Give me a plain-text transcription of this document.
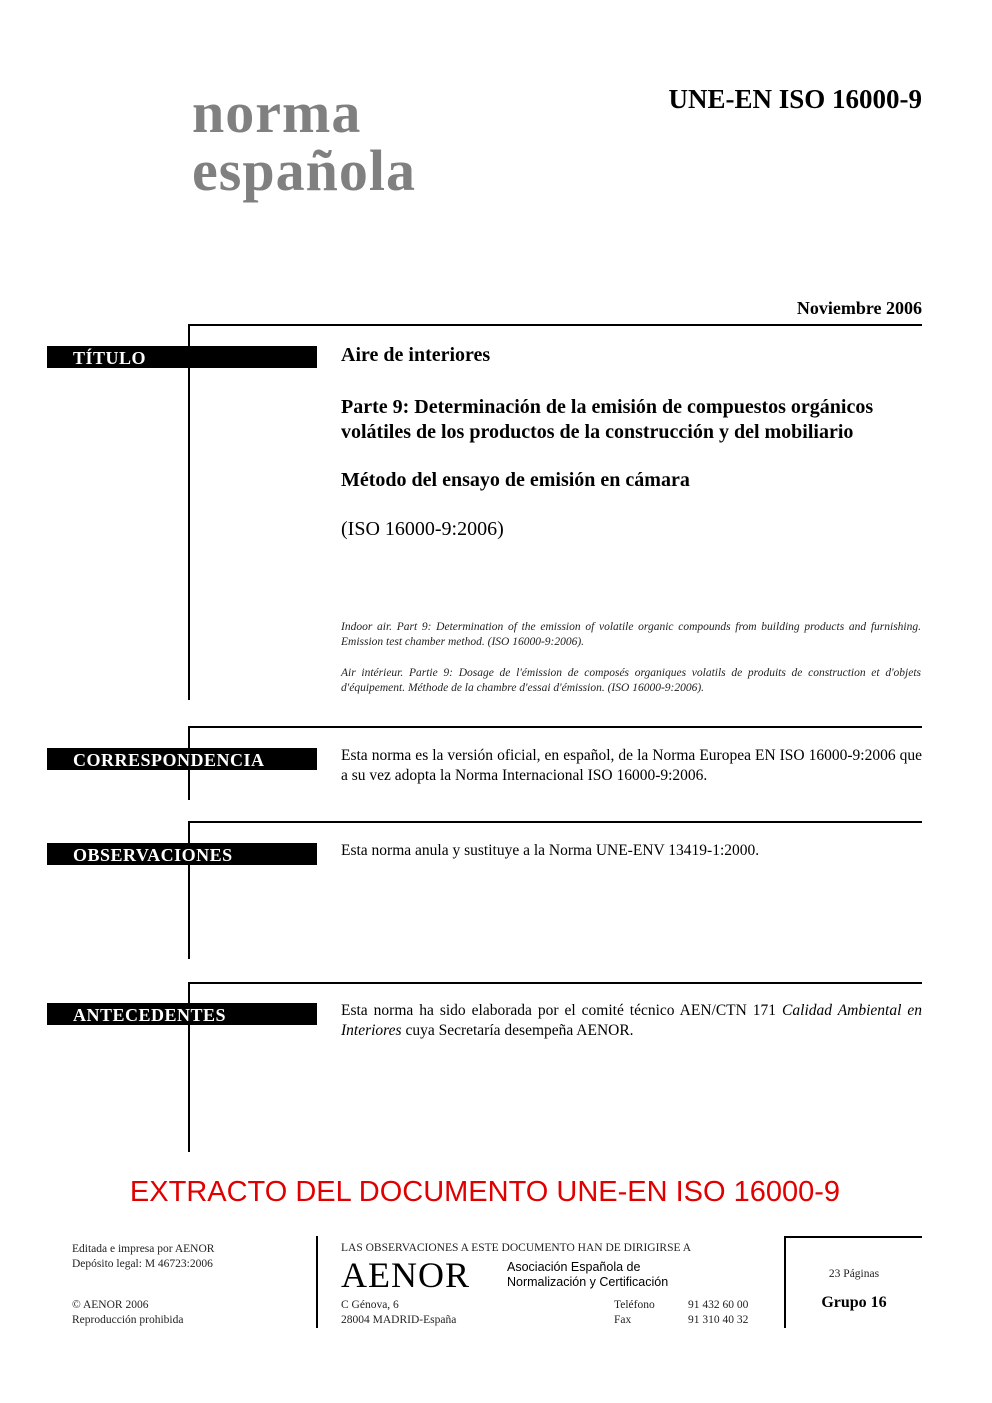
norma
española
UNE-EN ISO 16000-9
Noviembre 2006
TÍTULO	Aire de interiores
Parte 9: Determinación de la emisión de compuestos orgánicos volátiles de los productos de la construcción y del mobiliario
Método del ensayo de emisión en cámara
(ISO 16000-9:2006)
Indoor air. Part 9: Determination of the emission of volatile organic compounds from building products and furnishing. Emission test chamber method. (ISO 16000-9:2006).
Air intérieur. Partie 9: Dosage de l'émission de composés organiques volatils de produits de construction et d'objets d'équipement. Méthode de la chambre d'essai d'émission. (ISO 16000-9:2006).
CORRESPONDENCIA	Esta norma es la versión oficial, en español, de la Norma Europea EN ISO 16000-9:2006 que a su vez adopta la Norma Internacional ISO 16000-9:2006.
OBSERVACIONES	Esta norma anula y sustituye a la Norma UNE-ENV 13419-1:2000.
ANTECEDENTES	Esta norma ha sido elaborada por el comité técnico AEN/CTN 171 Calidad Ambiental en Interiores cuya Secretaría desempeña AENOR.
EXTRACTO DEL DOCUMENTO UNE-EN ISO 16000-9
Editada e impresa por AENOR
Depósito legal: M 46723:2006
© AENOR 2006
Reproducción prohibida
LAS OBSERVACIONES A ESTE DOCUMENTO HAN DE DIRIGIRSE A
AENOR	Asociación Española de
Normalización y Certificación
C Génova, 6
28004 MADRID-España
Teléfono	91 432 60 00
Fax	91 310 40 32
23 Páginas
Grupo 16
